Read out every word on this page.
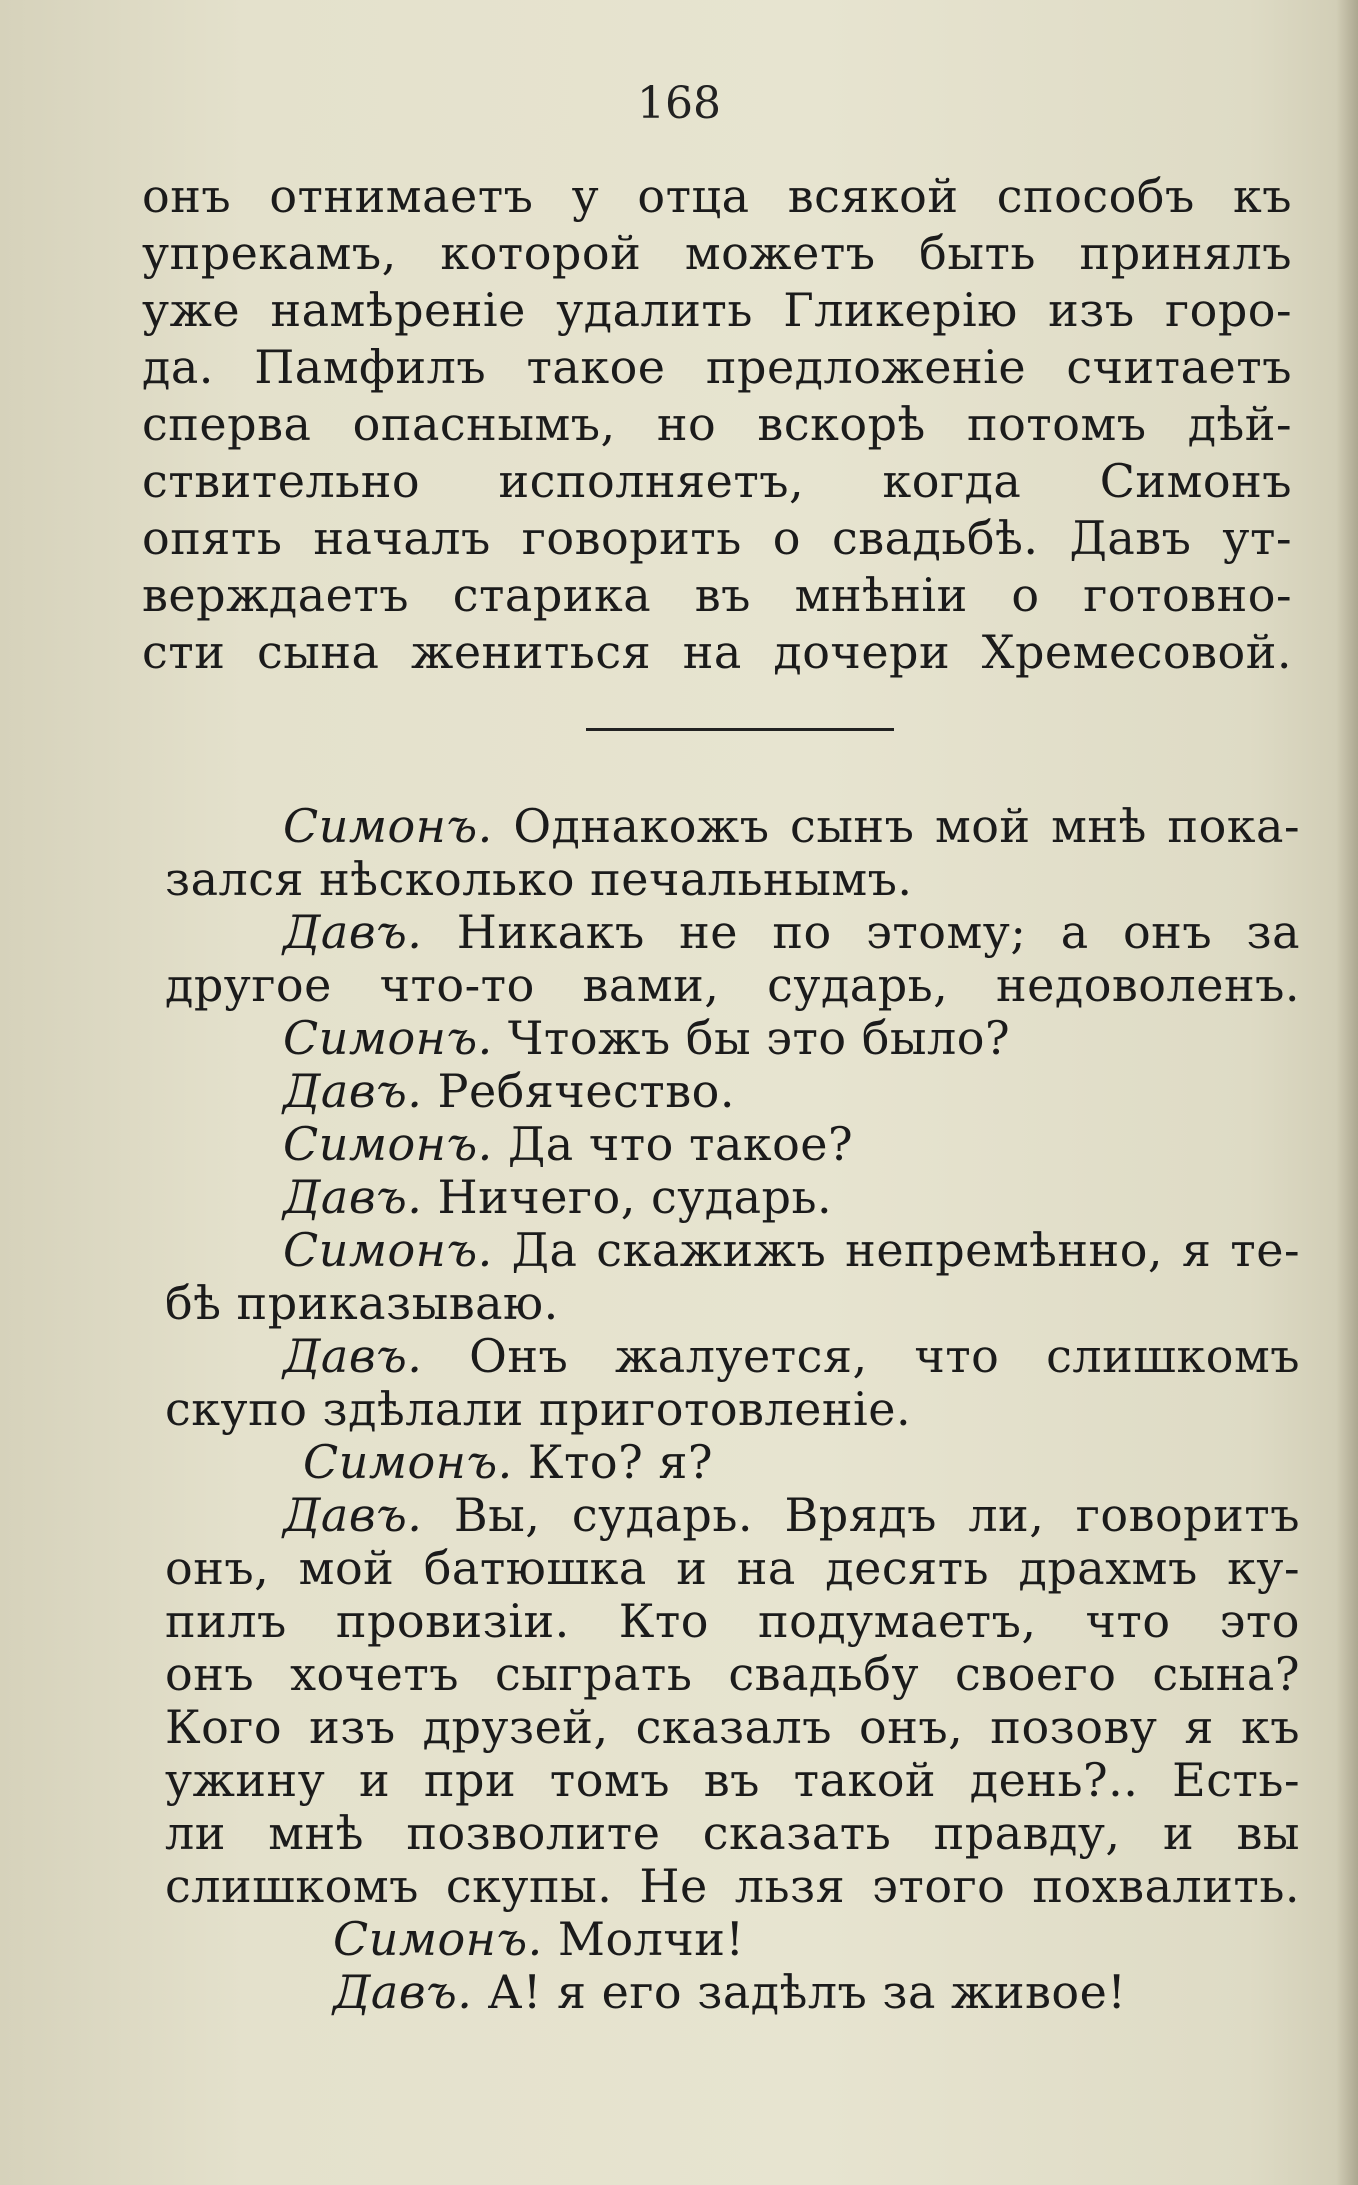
168
онъ отнимаетъ у отца всякой способъ къ
упрекамъ, которой можетъ быть принялъ
уже намѣреніе удалить Гликерію изъ горо-
да. Памфилъ такое предложеніе считаетъ
сперва опаснымъ, но вскорѣ потомъ дѣй-
ствительно исполняетъ, когда Симонъ
опять началъ говорить о свадьбѣ. Давъ ут-
верждаетъ старика въ мнѣніи о готовно-
сти сына жениться на дочери Хремесовой.
Симонъ. Однакожъ сынъ мой мнѣ пока-
зался нѣсколько печальнымъ.
Давъ. Никакъ не по этому; а онъ за
другое что-то вами, сударь, недоволенъ.
Симонъ. Чтожъ бы это было?
Давъ. Ребячество.
Симонъ. Да что такое?
Давъ. Ничего, сударь.
Симонъ. Да скажижъ непремѣнно, я те-
бѣ приказываю.
Давъ. Онъ жалуется, что слишкомъ
скупо здѣлали приготовленіе.
Симонъ. Кто? я?
Давъ. Вы, сударь. Врядъ ли, говоритъ
онъ, мой батюшка и на десять драхмъ ку-
пилъ провизіи. Кто подумаетъ, что это
онъ хочетъ сыграть свадьбу своего сына?
Кого изъ друзей, сказалъ онъ, позову я къ
ужину и при томъ въ такой день?.. Есть-
ли мнѣ позволите сказать правду, и вы
слишкомъ скупы. Не льзя этого похвалить.
Симонъ. Молчи!
Давъ. А! я его задѣлъ за живое!
